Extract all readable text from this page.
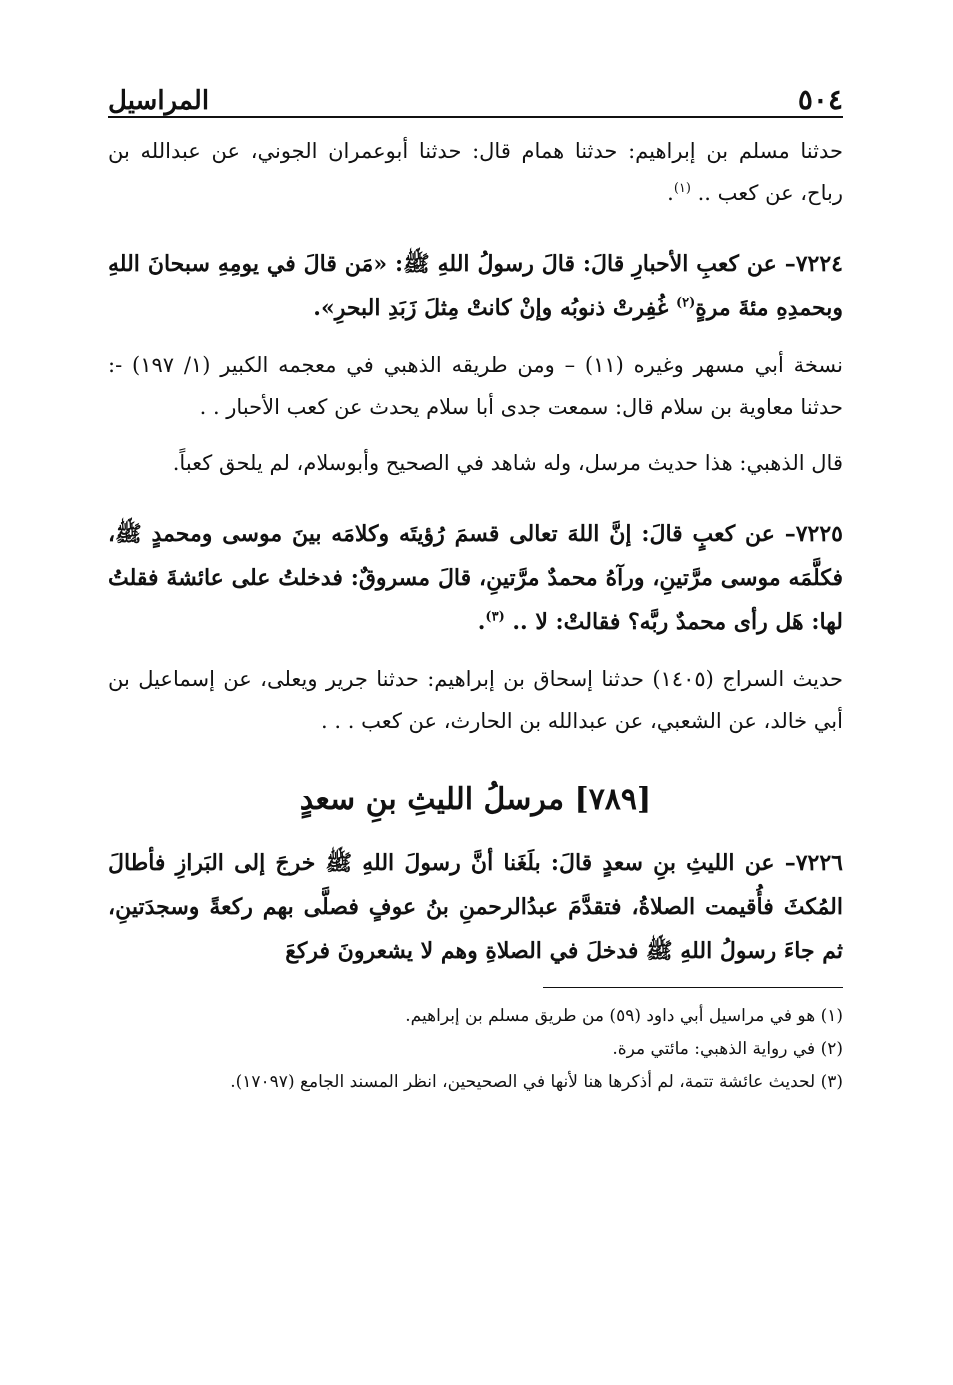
٥٠٤
المراسيل

حدثنا مسلم بن إبراهيم: حدثنا همام قال: حدثنا أبوعمران الجوني، عن عبدالله بن رباح، عن كعب .. $^{(١)}$.

٧٢٢٤– عن كعبِ الأحبارِ قالَ: قالَ رسولُ اللهِ ﷺ: «مَن قالَ في يومِهِ سبحانَ اللهِ وبحمدِهِ مئةَ مرةٍ$^{(٢)}$ غُفِرتْ ذنوبُه وإنْ كانتْ مِثلَ زَبَدِ البحرِ».

نسخة أبي مسهر وغيره (١١) – ومن طريقه الذهبي في معجمه الكبير (١/ ١٩٧) -: حدثنا معاوية بن سلام قال: سمعت جدى أبا سلام يحدث عن كعب الأحبار . .

قال الذهبي: هذا حديث مرسل، وله شاهد في الصحيح وأبوسلام، لم يلحق كعباً.

٧٢٢٥– عن كعبٍ قالَ: إنَّ اللهَ تعالى قسمَ رُؤيتَه وكلامَه بينَ موسى ومحمدٍ ﷺ، فكلَّمَه موسى مرَّتينِ، ورآهُ محمدٌ مرَّتينِ، قالَ مسروقٌ: فدخلتُ على عائشةَ فقلتُ لها: هَل رأى محمدٌ ربَّه؟ فقالتْ: لا .. $^{(٣)}$.

حديث السراج (١٤٠٥) حدثنا إسحاق بن إبراهيم: حدثنا جرير ويعلى، عن إسماعيل بن أبي خالد، عن الشعبي، عن عبدالله بن الحارث، عن كعب . . .

[٧٨٩] مرسلُ الليثِ بنِ سعدٍ

٧٢٢٦– عن الليثِ بنِ سعدٍ قالَ: بلَغَنا أنَّ رسولَ اللهِ ﷺ خرجَ إلى البَرازِ فأطالَ المُكثَ فأُقيمت الصلاةُ، فتقدَّمَ عبدُالرحمنِ بنُ عوفٍ فصلَّى بهم ركعةً وسجدَتينِ، ثم جاءَ رسولُ اللهِ ﷺ فدخلَ في الصلاةِ وهم لا يشعرونَ فركعَ

(١) هو في مراسيل أبي داود (٥٩) من طريق مسلم بن إبراهيم.
(٢) في رواية الذهبي: مائتي مرة.
(٣) لحديث عائشة تتمة، لم أذكرها هنا لأنها في الصحيحين، انظر المسند الجامع (١٧٠٩٧).
